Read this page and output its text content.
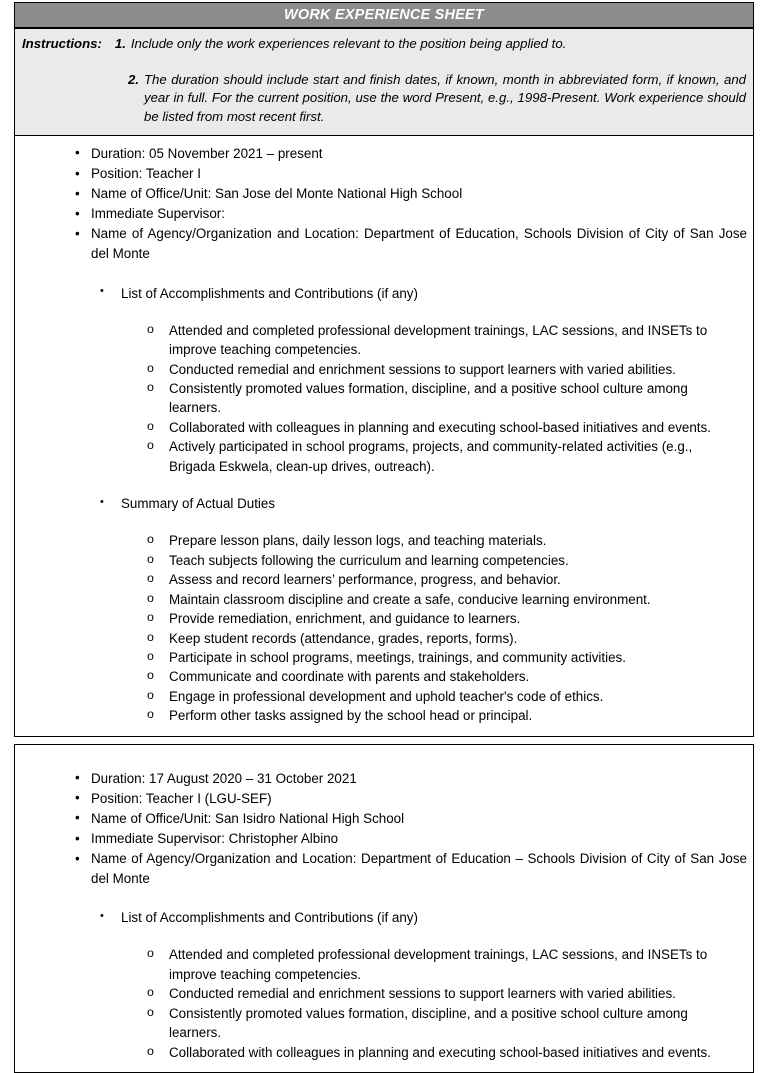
WORK EXPERIENCE SHEET
Instructions: 1. Include only the work experiences relevant to the position being applied to.
2. The duration should include start and finish dates, if known, month in abbreviated form, if known, and year in full. For the current position, use the word Present, e.g., 1998-Present. Work experience should be listed from most recent first.
• Duration: 05 November 2021 – present
• Position: Teacher I
• Name of Office/Unit: San Jose del Monte National High School
• Immediate Supervisor:
• Name of Agency/Organization and Location: Department of Education, Schools Division of City of San Jose del Monte
• List of Accomplishments and Contributions (if any)
o Attended and completed professional development trainings, LAC sessions, and INSETs to improve teaching competencies.
o Conducted remedial and enrichment sessions to support learners with varied abilities.
o Consistently promoted values formation, discipline, and a positive school culture among learners.
o Collaborated with colleagues in planning and executing school-based initiatives and events.
o Actively participated in school programs, projects, and community-related activities (e.g., Brigada Eskwela, clean-up drives, outreach).
• Summary of Actual Duties
o Prepare lesson plans, daily lesson logs, and teaching materials.
o Teach subjects following the curriculum and learning competencies.
o Assess and record learners’ performance, progress, and behavior.
o Maintain classroom discipline and create a safe, conducive learning environment.
o Provide remediation, enrichment, and guidance to learners.
o Keep student records (attendance, grades, reports, forms).
o Participate in school programs, meetings, trainings, and community activities.
o Communicate and coordinate with parents and stakeholders.
o Engage in professional development and uphold teacher's code of ethics.
o Perform other tasks assigned by the school head or principal.
• Duration: 17 August 2020 – 31 October 2021
• Position: Teacher I (LGU-SEF)
• Name of Office/Unit: San Isidro National High School
• Immediate Supervisor: Christopher Albino
• Name of Agency/Organization and Location: Department of Education – Schools Division of City of San Jose del Monte
• List of Accomplishments and Contributions (if any)
o Attended and completed professional development trainings, LAC sessions, and INSETs to improve teaching competencies.
o Conducted remedial and enrichment sessions to support learners with varied abilities.
o Consistently promoted values formation, discipline, and a positive school culture among learners.
o Collaborated with colleagues in planning and executing school-based initiatives and events.
